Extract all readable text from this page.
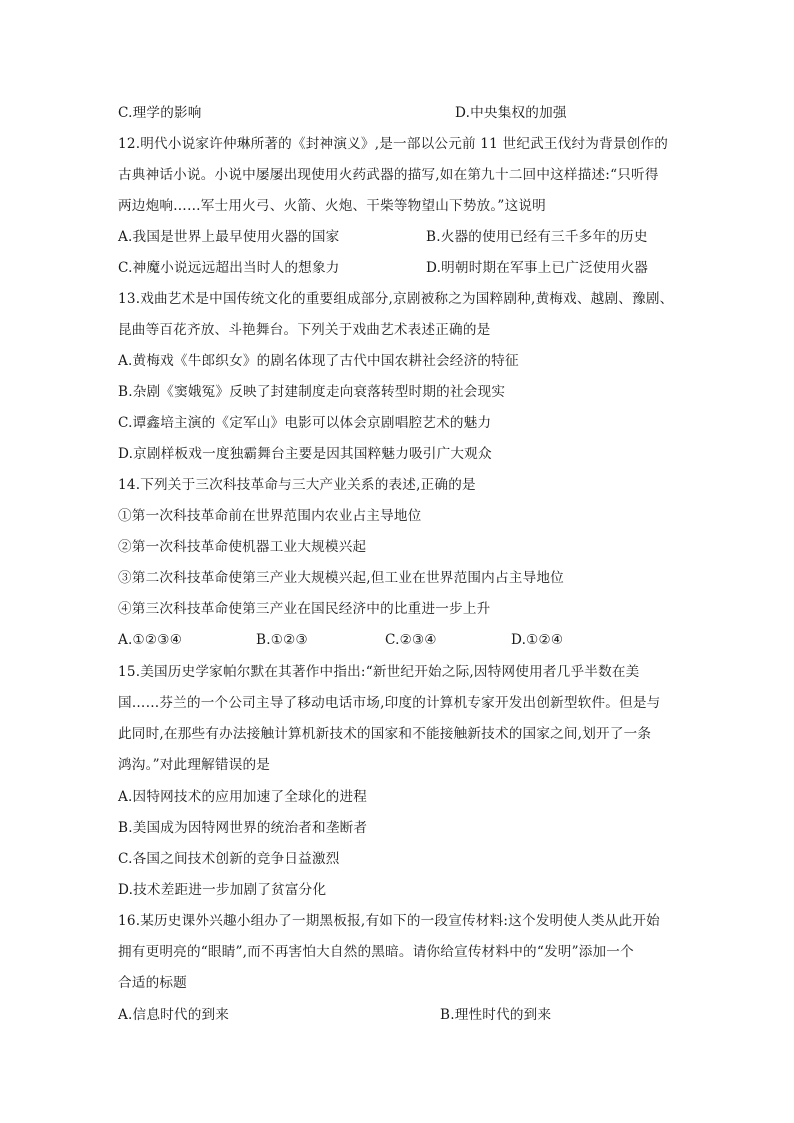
C.理学的影响	D.中央集权的加强
12.明代小说家许仲琳所著的《封神演义》,是一部以公元前 11 世纪武王伐纣为背景创作的
古典神话小说。小说中屡屡出现使用火药武器的描写,如在第九十二回中这样描述:“只听得
两边炮响……军士用火弓、火箭、火炮、干柴等物望山下势放。”这说明
A.我国是世界上最早使用火器的国家	B.火器的使用已经有三千多年的历史
C.神魔小说远远超出当时人的想象力	D.明朝时期在军事上已广泛使用火器
13.戏曲艺术是中国传统文化的重要组成部分,京剧被称之为国粹剧种,黄梅戏、越剧、豫剧、
昆曲等百花齐放、斗艳舞台。下列关于戏曲艺术表述正确的是
A.黄梅戏《牛郎织女》的剧名体现了古代中国农耕社会经济的特征
B.杂剧《窦娥冤》反映了封建制度走向衰落转型时期的社会现实
C.谭鑫培主演的《定军山》电影可以体会京剧唱腔艺术的魅力
D.京剧样板戏一度独霸舞台主要是因其国粹魅力吸引广大观众
14.下列关于三次科技革命与三大产业关系的表述,正确的是
①第一次科技革命前在世界范围内农业占主导地位
②第一次科技革命使机器工业大规模兴起
③第二次科技革命使第三产业大规模兴起,但工业在世界范围内占主导地位
④第三次科技革命使第三产业在国民经济中的比重进一步上升
A.①②③④	B.①②③	C.②③④	D.①②④
15.美国历史学家帕尔默在其著作中指出:“新世纪开始之际,因特网使用者几乎半数在美
国……芬兰的一个公司主导了移动电话市场,印度的计算机专家开发出创新型软件。但是与
此同时,在那些有办法接触计算机新技术的国家和不能接触新技术的国家之间,划开了一条
鸿沟。”对此理解错误的是
A.因特网技术的应用加速了全球化的进程
B.美国成为因特网世界的统治者和垄断者
C.各国之间技术创新的竞争日益激烈
D.技术差距进一步加剧了贫富分化
16.某历史课外兴趣小组办了一期黑板报,有如下的一段宣传材料:这个发明使人类从此开始
拥有更明亮的“眼睛”,而不再害怕大自然的黑暗。请你给宣传材料中的“发明”添加一个
合适的标题
A.信息时代的到来	B.理性时代的到来
